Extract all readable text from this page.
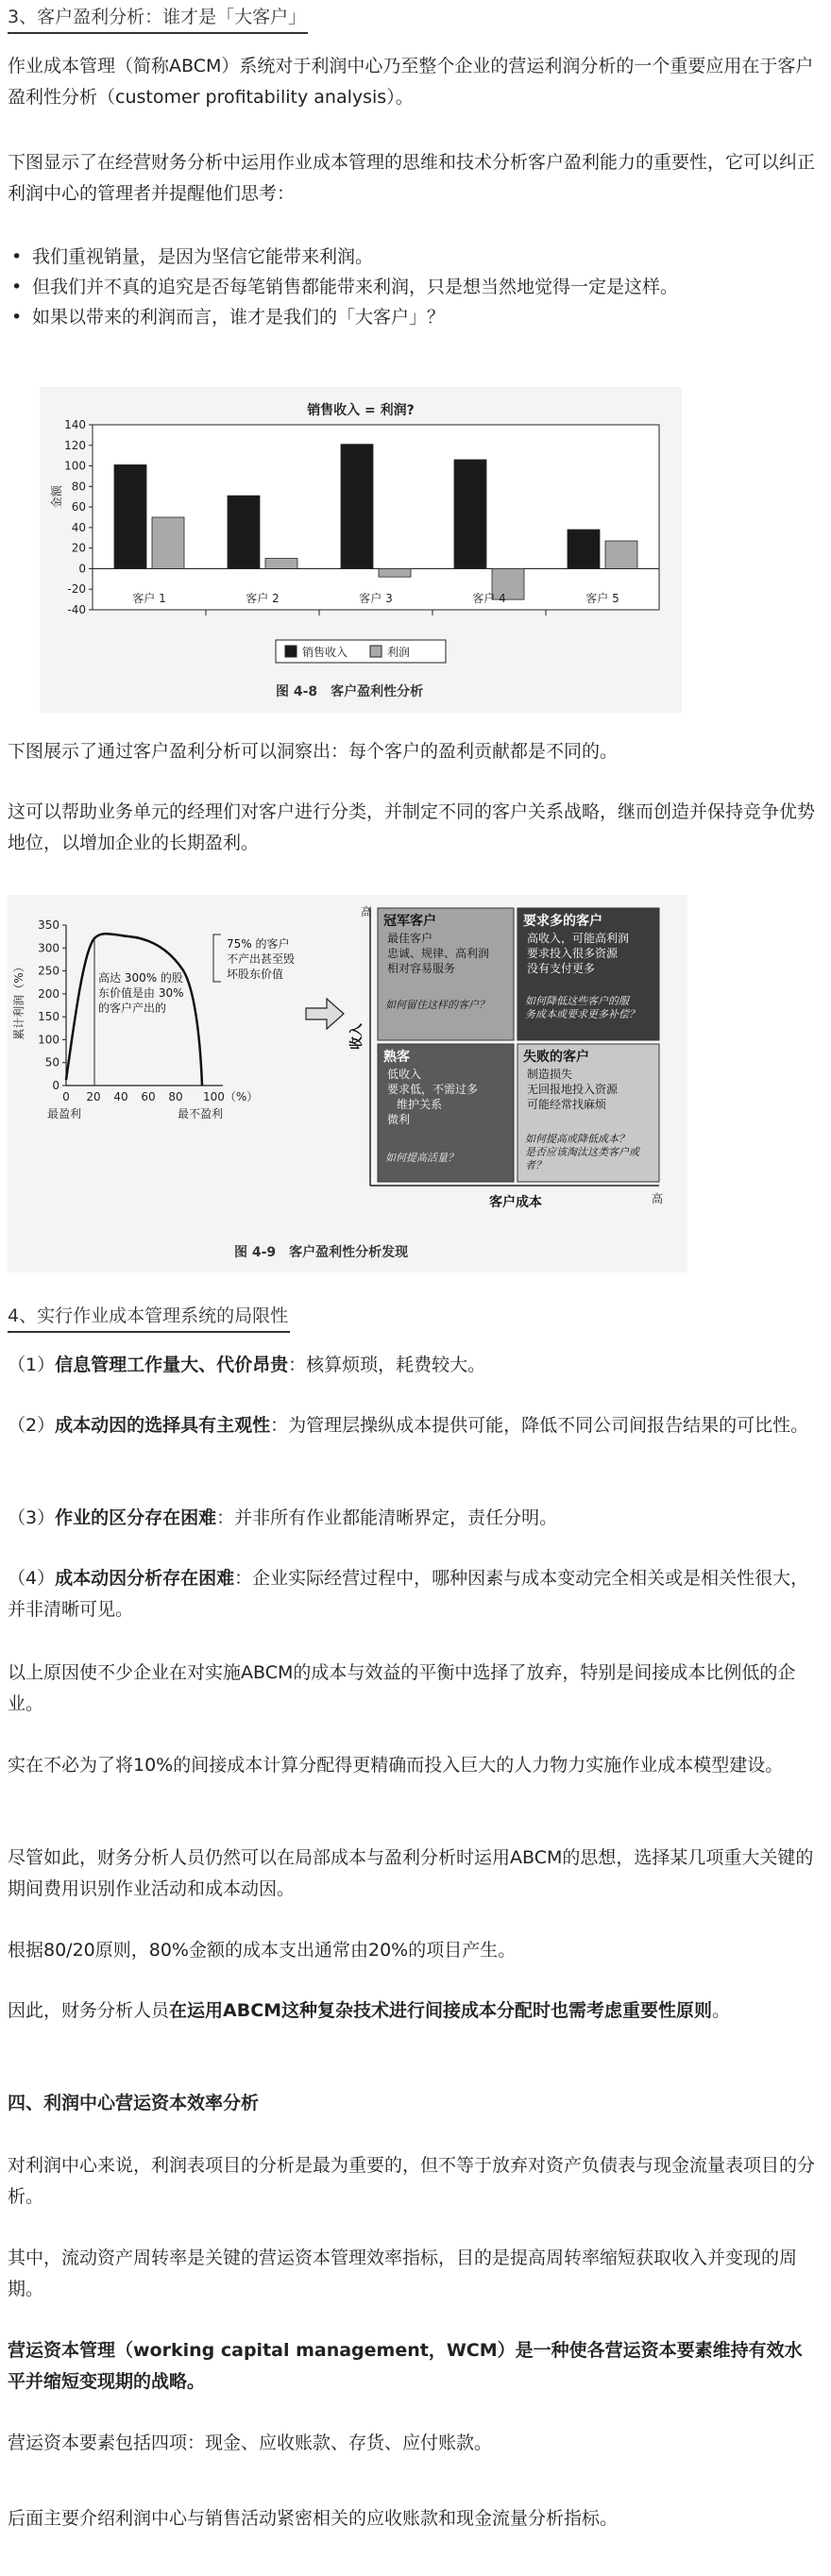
3、客户盈利分析：谁才是「大客户」

作业成本管理（简称ABCM）系统对于利润中心乃至整个企业的营运利润分析的一个重要应用在于客户盈利性分析（customer profitability analysis）。

下图显示了在经营财务分析中运用作业成本管理的思维和技术分析客户盈利能力的重要性，它可以纠正利润中心的管理者并提醒他们思考：

• 我们重视销量，是因为坚信它能带来利润。
• 但我们并不真的追究是否每笔销售都能带来利润，只是想当然地觉得一定是这样。
• 如果以带来的利润而言，谁才是我们的「大客户」？
销售收入 = 利润?
-40
-20
0
20
40
60
80
100
120
140
金额
客户 1	客户 2	客户 3	客户 4	客户 5
销售收入	利润
图 4-8　客户盈利性分析

下图展示了通过客户盈利分析可以洞察出：每个客户的盈利贡献都是不同的。

这可以帮助业务单元的经理们对客户进行分类，并制定不同的客户关系战略，继而创造并保持竞争优势地位，以增加企业的长期盈利。

累计利润（%）
350
300
250
200
150
100
50
0
0 20 40 60 80 100（%）
高达 300% 的股
东价值是由 30%
的客户产出的
75% 的客户
不产出甚至毁
坏股东价值
最盈利	最不盈利
高
收入
客户成本	高
冠军客户
最佳客户
忠诚、规律、高利润
相对容易服务
如何留住这样的客户？
要求多的客户
高收入，可能高利润
要求投入很多资源
没有支付更多
如何降低这些客户的服
务成本或要求更多补偿？
熟客
低收入
要求低，不需过多
维护关系
微利
如何提高活量？
失败的客户
制造损失
无回报地投入资源
可能经常找麻烦
如何提高或降低成本？
是否应该淘汰这类客户或
者？
图 4-9　客户盈利性分析发现
4、实行作业成本管理系统的局限性

（1）信息管理工作量大、代价昂贵：核算烦琐，耗费较大。

（2）成本动因的选择具有主观性：为管理层操纵成本提供可能，降低不同公司间报告结果的可比性。

（3）作业的区分存在困难：并非所有作业都能清晰界定，责任分明。

（4）成本动因分析存在困难：企业实际经营过程中，哪种因素与成本变动完全相关或是相关性很大，并非清晰可见。

以上原因使不少企业在对实施ABCM的成本与效益的平衡中选择了放弃，特别是间接成本比例低的企业。

实在不必为了将10%的间接成本计算分配得更精确而投入巨大的人力物力实施作业成本模型建设。

尽管如此，财务分析人员仍然可以在局部成本与盈利分析时运用ABCM的思想，选择某几项重大关键的期间费用识别作业活动和成本动因。

根据80/20原则，80%金额的成本支出通常由20%的项目产生。

因此，财务分析人员在运用ABCM这种复杂技术进行间接成本分配时也需考虑重要性原则。

四、利润中心营运资本效率分析

对利润中心来说，利润表项目的分析是最为重要的，但不等于放弃对资产负债表与现金流量表项目的分析。

其中，流动资产周转率是关键的营运资本管理效率指标，目的是提高周转率缩短获取收入并变现的周期。

营运资本管理（working capital management，WCM）是一种使各营运资本要素维持有效水平并缩短变现期的战略。

营运资本要素包括四项：现金、应收账款、存货、应付账款。

后面主要介绍利润中心与销售活动紧密相关的应收账款和现金流量分析指标。
